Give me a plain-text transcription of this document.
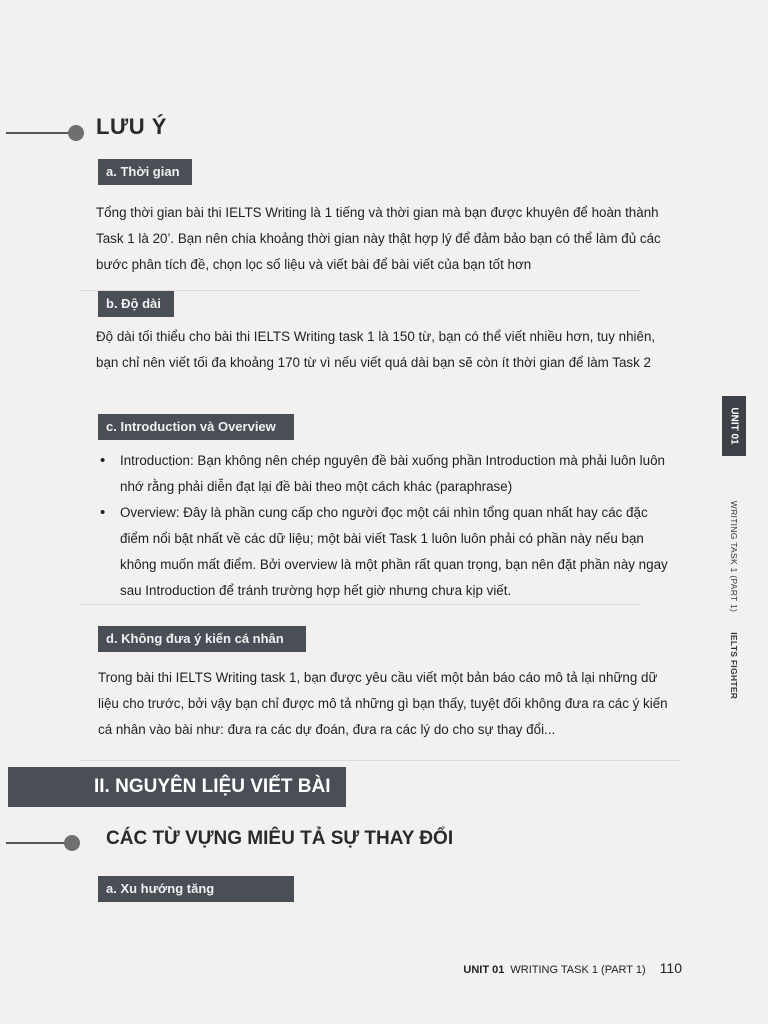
LƯU Ý
a. Thời gian

Tổng thời gian bài thi IELTS Writing là 1 tiếng và thời gian mà bạn được khuyên để hoàn thành Task 1 là 20’. Bạn nên chia khoảng thời gian này thật hợp lý để đảm bảo bạn có thể làm đủ các bước phân tích đề, chọn lọc số liệu và viết bài để bài viết của bạn tốt hơn

b. Độ dài

Độ dài tối thiểu cho bài thi IELTS Writing task 1 là 150 từ, bạn có thể viết nhiều hơn, tuy nhiên, bạn chỉ nên viết tối đa khoảng 170 từ vì nếu viết quá dài bạn sẽ còn ít thời gian để làm Task 2

c. Introduction và Overview
• Introduction: Bạn không nên chép nguyên đề bài xuống phần Introduction mà phải luôn luôn nhớ rằng phải diễn đạt lại đề bài theo một cách khác (paraphrase)
• Overview: Đây là phần cung cấp cho người đọc một cái nhìn tổng quan nhất hay các đặc điểm nổi bật nhất về các dữ liệu; một bài viết Task 1 luôn luôn phải có phần này nếu bạn không muốn mất điểm. Bởi overview là một phần rất quan trọng, bạn nên đặt phần này ngay sau Introduction để tránh trường hợp hết giờ nhưng chưa kịp viết.
d. Không đưa ý kiến cá nhân

Trong bài thi IELTS Writing task 1, bạn được yêu cầu viết một bản báo cáo mô tả lại những dữ liệu cho trước, bởi vậy bạn chỉ được mô tả những gì bạn thấy, tuyệt đối không đưa ra các ý kiến cá nhân vào bài như: đưa ra các dự đoán, đưa ra các lý do cho sự thay đổi...

II. NGUYÊN LIỆU VIẾT BÀI
CÁC TỪ VỰNG MIÊU TẢ SỰ THAY ĐỔI
a. Xu hướng tăng
UNIT 01
WRITING TASK 1 (PART 1)IELTS FIGHTER
UNIT 01 WRITING TASK 1 (PART 1) 110
